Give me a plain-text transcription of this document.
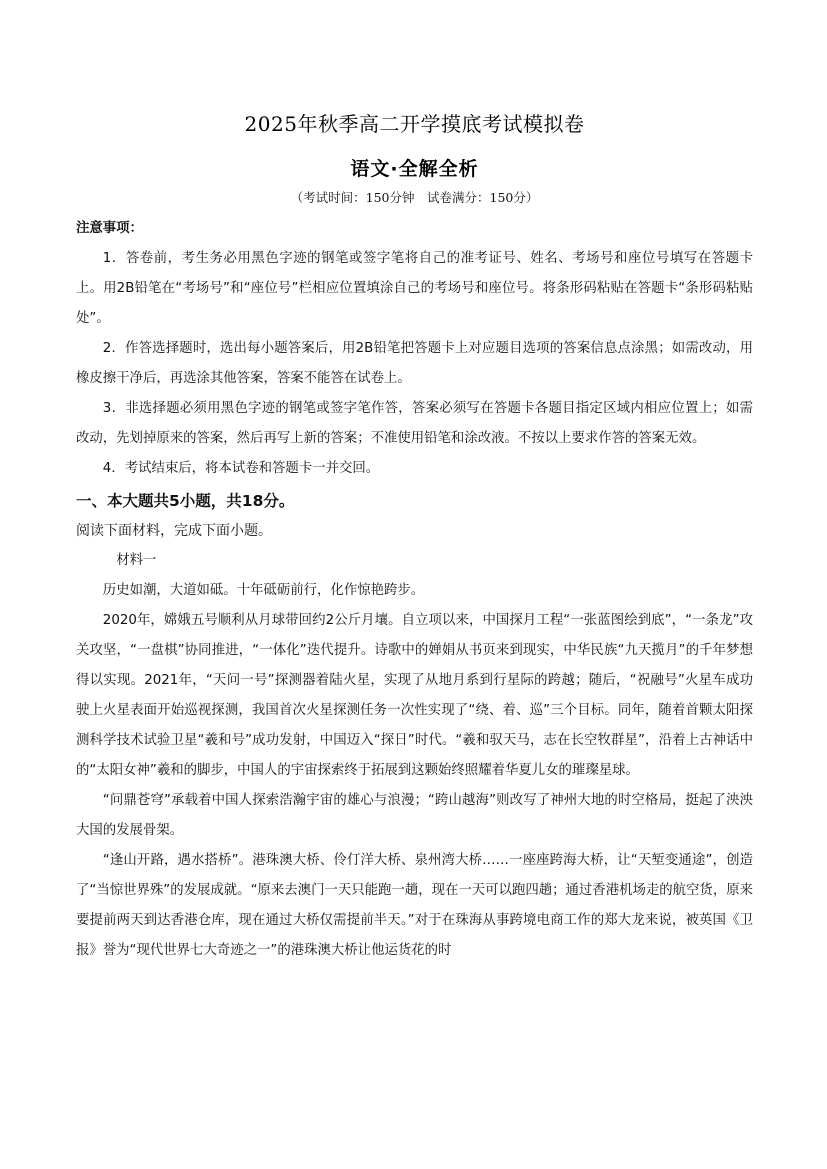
2025年秋季高二开学摸底考试模拟卷
语文·全解全析
（考试时间：150分钟　试卷满分：150分）

注意事项：

1．答卷前，考生务必用黑色字迹的钢笔或签字笔将自己的准考证号、姓名、考场号和座位号填写在答题卡上。用2B铅笔在“考场号”和“座位号”栏相应位置填涂自己的考场号和座位号。将条形码粘贴在答题卡“条形码粘贴处”。

2．作答选择题时，选出每小题答案后，用2B铅笔把答题卡上对应题目选项的答案信息点涂黑；如需改动，用橡皮擦干净后，再选涂其他答案，答案不能答在试卷上。

3．非选择题必须用黑色字迹的钢笔或签字笔作答，答案必须写在答题卡各题目指定区域内相应位置上；如需改动，先划掉原来的答案，然后再写上新的答案；不准使用铅笔和涂改液。不按以上要求作答的答案无效。

4．考试结束后，将本试卷和答题卡一并交回。

一、本大题共5小题，共18分。

阅读下面材料，完成下面小题。

材料一

历史如潮，大道如砥。十年砥砺前行，化作惊艳跨步。

2020年，嫦娥五号顺利从月球带回约2公斤月壤。自立项以来，中国探月工程“一张蓝图绘到底”，“一条龙”攻关攻坚，“一盘棋”协同推进，“一体化”迭代提升。诗歌中的婵娟从书页来到现实，中华民族“九天揽月”的千年梦想得以实现。2021年，“天问一号”探测器着陆火星，实现了从地月系到行星际的跨越；随后，“祝融号”火星车成功驶上火星表面开始巡视探测，我国首次火星探测任务一次性实现了“绕、着、巡”三个目标。同年，随着首颗太阳探测科学技术试验卫星“羲和号”成功发射，中国迈入“探日”时代。“羲和驭天马，志在长空牧群星”，沿着上古神话中的“太阳女神”羲和的脚步，中国人的宇宙探索终于拓展到这颗始终照耀着华夏儿女的璀璨星球。

“问鼎苍穹”承载着中国人探索浩瀚宇宙的雄心与浪漫；“跨山越海”则改写了神州大地的时空格局，挺起了泱泱大国的发展骨架。

“逢山开路，遇水搭桥”。港珠澳大桥、伶仃洋大桥、泉州湾大桥……一座座跨海大桥，让“天堑变通途”，创造了“当惊世界殊”的发展成就。“原来去澳门一天只能跑一趟，现在一天可以跑四趟；通过香港机场走的航空货，原来要提前两天到达香港仓库，现在通过大桥仅需提前半天。”对于在珠海从事跨境电商工作的郑大龙来说，被英国《卫报》誉为“现代世界七大奇迹之一”的港珠澳大桥让他运货花的时
